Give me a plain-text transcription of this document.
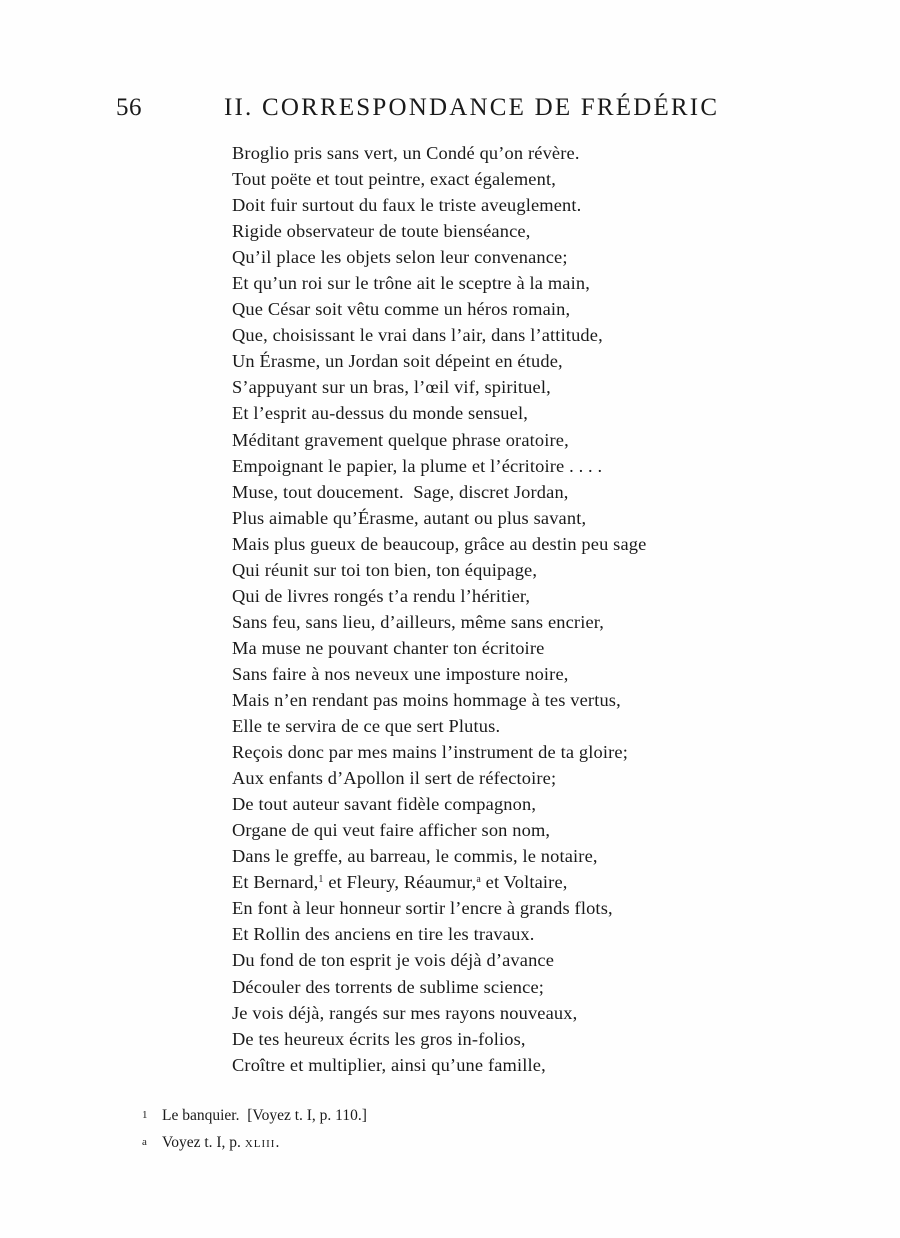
56	II. CORRESPONDANCE DE FRÉDÉRIC
Broglio pris sans vert, un Condé qu’on révère.
Tout poëte et tout peintre, exact également,
Doit fuir surtout du faux le triste aveuglement.
Rigide observateur de toute bienséance,
Qu’il place les objets selon leur convenance;
Et qu’un roi sur le trône ait le sceptre à la main,
Que César soit vêtu comme un héros romain,
Que, choisissant le vrai dans l’air, dans l’attitude,
Un Érasme, un Jordan soit dépeint en étude,
S’appuyant sur un bras, l’œil vif, spirituel,
Et l’esprit au-dessus du monde sensuel,
Méditant gravement quelque phrase oratoire,
Empoignant le papier, la plume et l’écritoire . . . .
Muse, tout doucement.  Sage, discret Jordan,
Plus aimable qu’Érasme, autant ou plus savant,
Mais plus gueux de beaucoup, grâce au destin peu sage
Qui réunit sur toi ton bien, ton équipage,
Qui de livres rongés t’a rendu l’héritier,
Sans feu, sans lieu, d’ailleurs, même sans encrier,
Ma muse ne pouvant chanter ton écritoire
Sans faire à nos neveux une imposture noire,
Mais n’en rendant pas moins hommage à tes vertus,
Elle te servira de ce que sert Plutus.
Reçois donc par mes mains l’instrument de ta gloire;
Aux enfants d’Apollon il sert de réfectoire;
De tout auteur savant fidèle compagnon,
Organe de qui veut faire afficher son nom,
Dans le greffe, au barreau, le commis, le notaire,
Et Bernard,$^1$ et Fleury, Réaumur,$^a$ et Voltaire,
En font à leur honneur sortir l’encre à grands flots,
Et Rollin des anciens en tire les travaux.
Du fond de ton esprit je vois déjà d’avance
Découler des torrents de sublime science;
Je vois déjà, rangés sur mes rayons nouveaux,
De tes heureux écrits les gros in-folios,
Croître et multiplier, ainsi qu’une famille,
1 Le banquier.  [Voyez t. I, p. 110.]
a Voyez t. I, p. XLIII.
